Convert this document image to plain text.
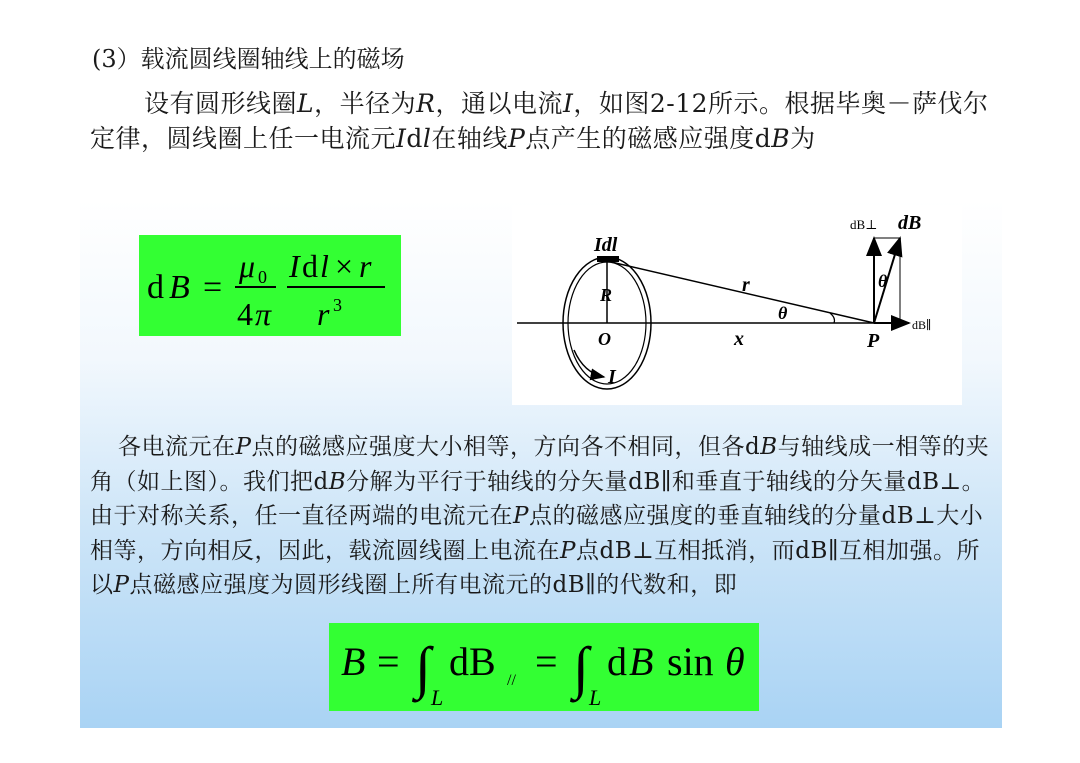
(3）载流圆线圈轴线上的磁场
设有圆形线圈L，半径为R，通以电流I，如图2-12所示。根据毕奥－萨伐尔定律，圆线圈上任一电流元Idl在轴线P点产生的磁感应强度dB为
d B =
μ 0
4 π
I d l × r
r 3
Idl
R
O
I
r
θ
x	P
θ
dB⊥ dB
dB∥
各电流元在P点的磁感应强度大小相等，方向各不相同，但各dB与轴线成一相等的夹角（如上图）。我们把dB分解为平行于轴线的分矢量dB∥和垂直于轴线的分矢量dB⊥。由于对称关系，任一直径两端的电流元在P点的磁感应强度的垂直轴线的分量dB⊥大小相等，方向相反，因此，载流圆线圈上电流在P点dB⊥互相抵消，而dB∥互相加强。所以P点磁感应强度为圆形线圈上所有电流元的dB∥的代数和，即
B = ∫ L
dB // = ∫ L
d B sin θ
